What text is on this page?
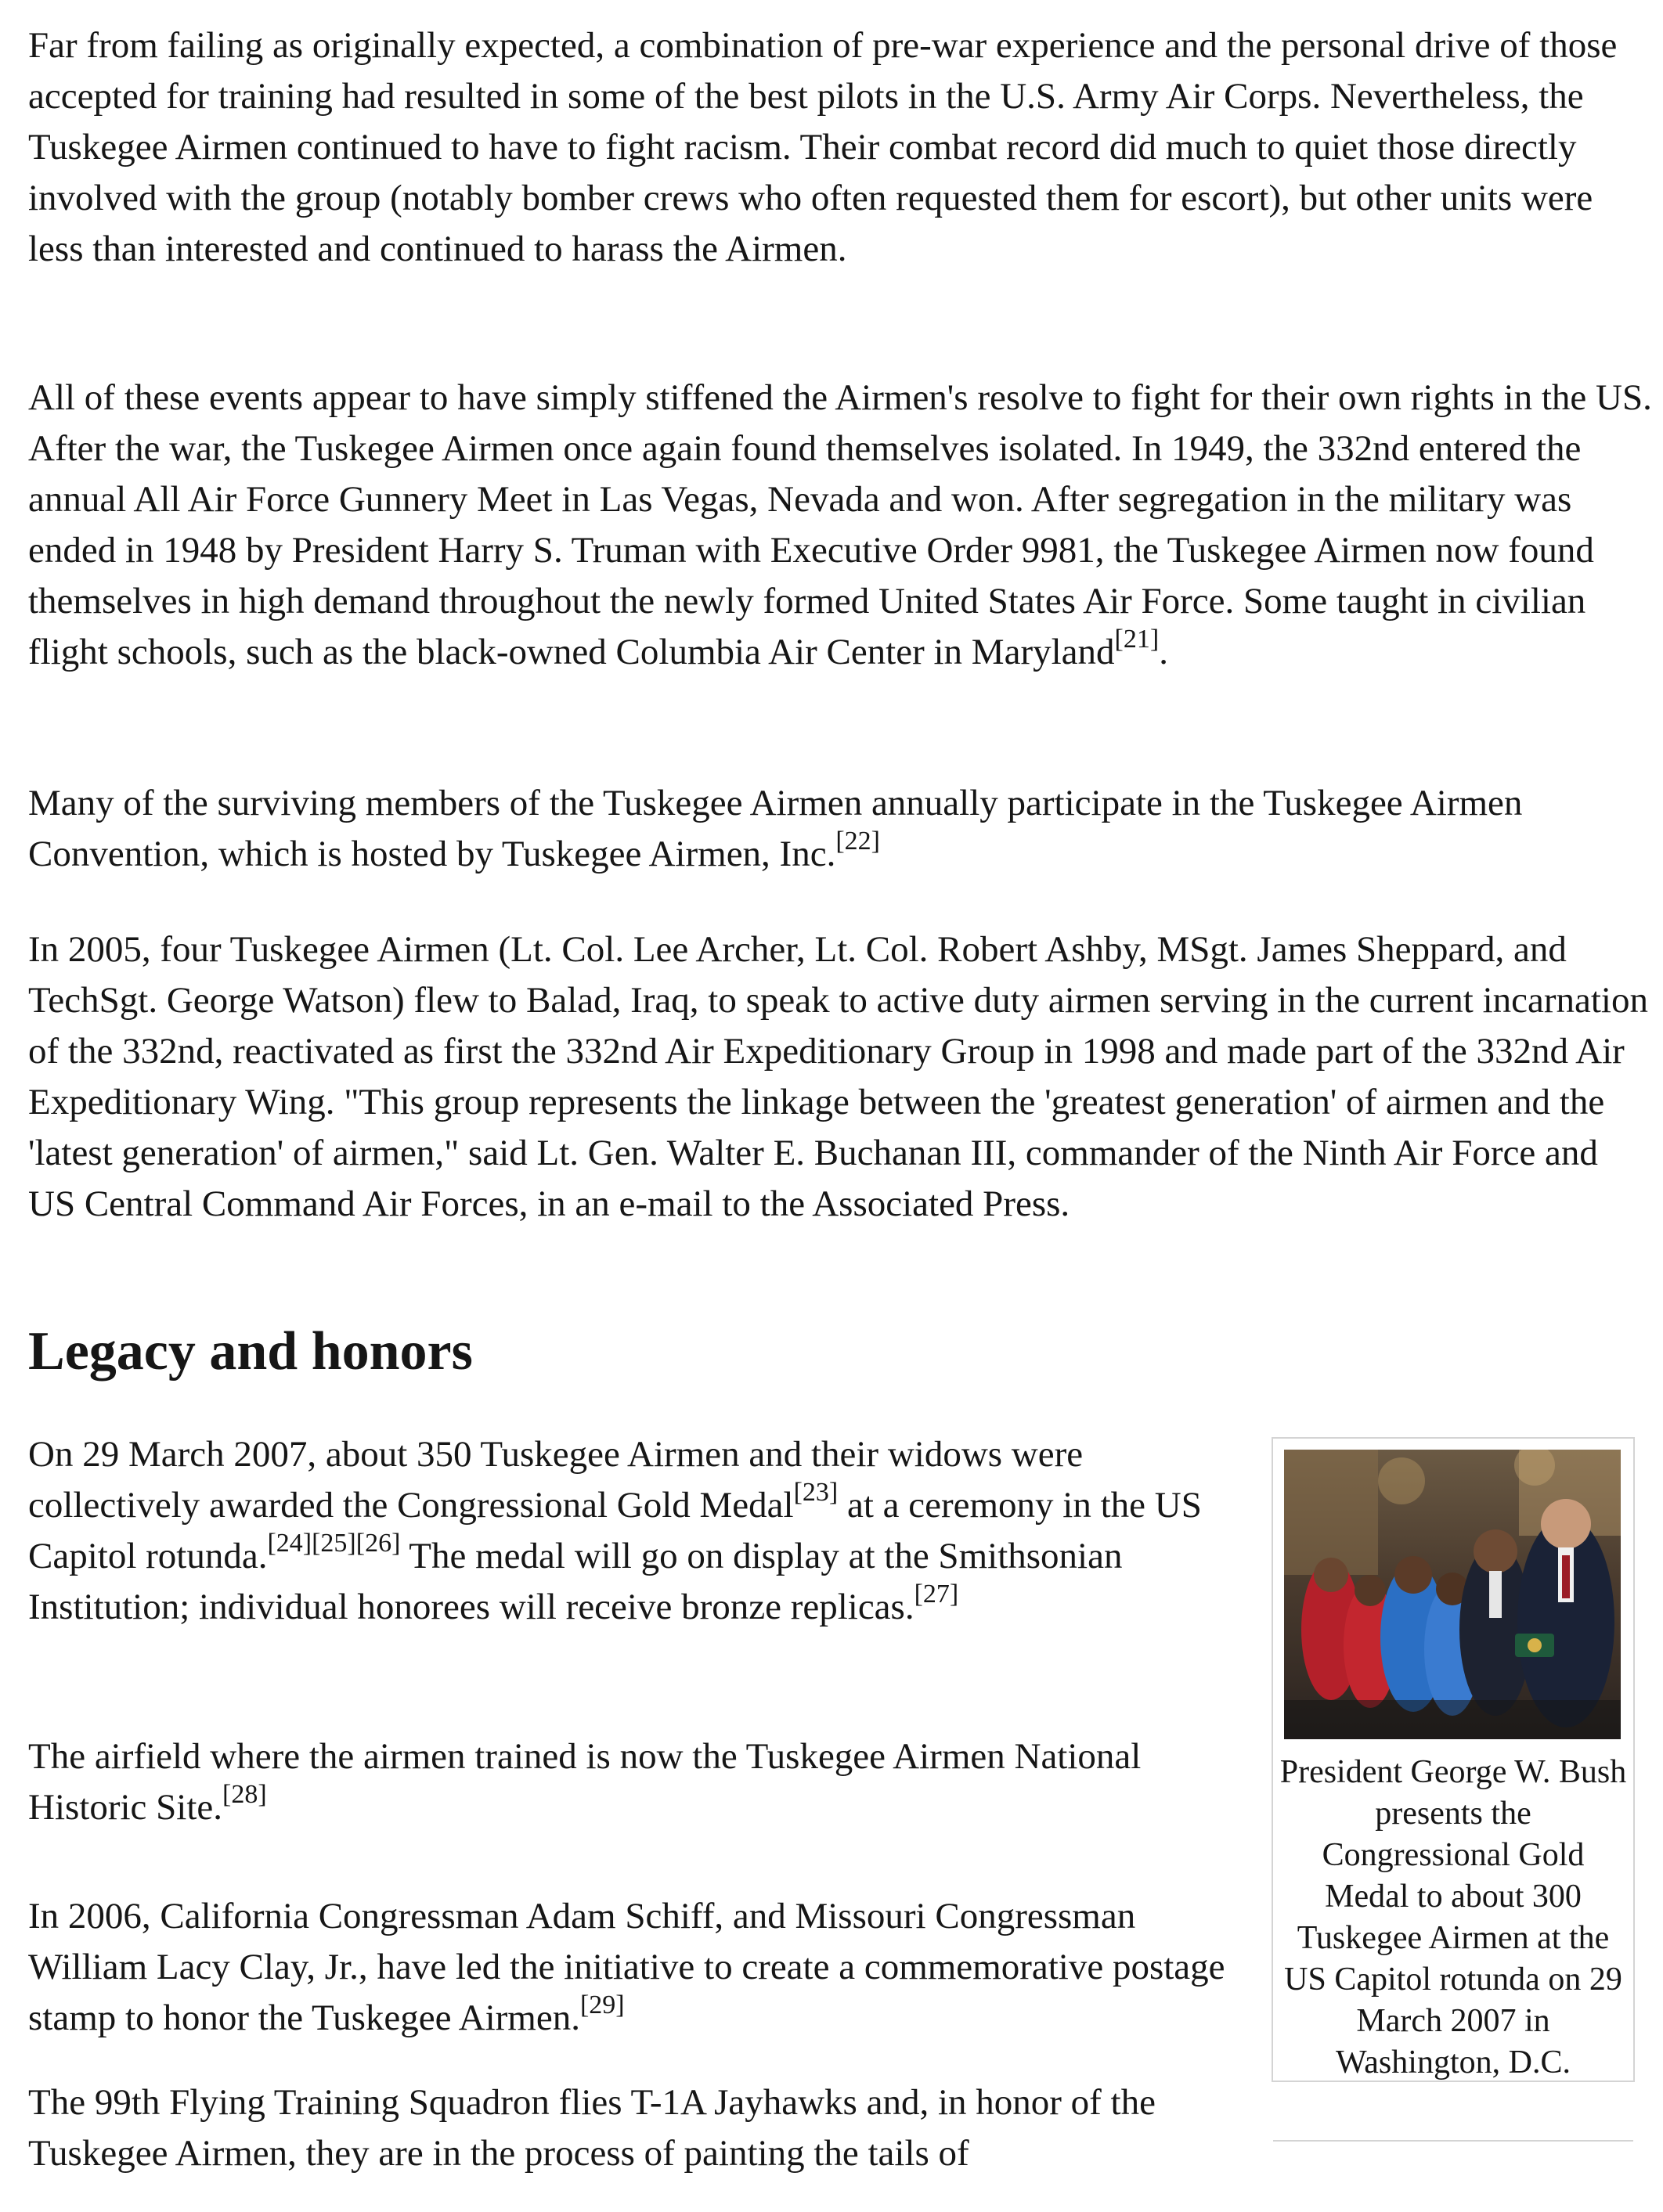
Far from failing as originally expected, a combination of pre-war experience and the personal drive of those accepted for training had resulted in some of the best pilots in the U.S. Army Air Corps. Nevertheless, the Tuskegee Airmen continued to have to fight racism. Their combat record did much to quiet those directly involved with the group (notably bomber crews who often requested them for escort), but other units were less than interested and continued to harass the Airmen.

All of these events appear to have simply stiffened the Airmen's resolve to fight for their own rights in the US. After the war, the Tuskegee Airmen once again found themselves isolated. In 1949, the 332nd entered the annual All Air Force Gunnery Meet in Las Vegas, Nevada and won. After segregation in the military was ended in 1948 by President Harry S. Truman with Executive Order 9981, the Tuskegee Airmen now found themselves in high demand throughout the newly formed United States Air Force. Some taught in civilian flight schools, such as the black-owned Columbia Air Center in Maryland[21].

Many of the surviving members of the Tuskegee Airmen annually participate in the Tuskegee Airmen Convention, which is hosted by Tuskegee Airmen, Inc.[22]

In 2005, four Tuskegee Airmen (Lt. Col. Lee Archer, Lt. Col. Robert Ashby, MSgt. James Sheppard, and TechSgt. George Watson) flew to Balad, Iraq, to speak to active duty airmen serving in the current incarnation of the 332nd, reactivated as first the 332nd Air Expeditionary Group in 1998 and made part of the 332nd Air Expeditionary Wing. "This group represents the linkage between the 'greatest generation' of airmen and the 'latest generation' of airmen," said Lt. Gen. Walter E. Buchanan III, commander of the Ninth Air Force and US Central Command Air Forces, in an e-mail to the Associated Press.

Legacy and honors

On 29 March 2007, about 350 Tuskegee Airmen and their widows were collectively awarded the Congressional Gold Medal[23] at a ceremony in the US Capitol rotunda.[24][25][26] The medal will go on display at the Smithsonian Institution; individual honorees will receive bronze replicas.[27]

The airfield where the airmen trained is now the Tuskegee Airmen National Historic Site.[28]

In 2006, California Congressman Adam Schiff, and Missouri Congressman William Lacy Clay, Jr., have led the initiative to create a commemorative postage stamp to honor the Tuskegee Airmen.[29]

The 99th Flying Training Squadron flies T-1A Jayhawks and, in honor of the Tuskegee Airmen, they are in the process of painting the tails of

President George W. Bush presents the Congressional Gold Medal to about 300 Tuskegee Airmen at the US Capitol rotunda on 29 March 2007 in Washington, D.C.
